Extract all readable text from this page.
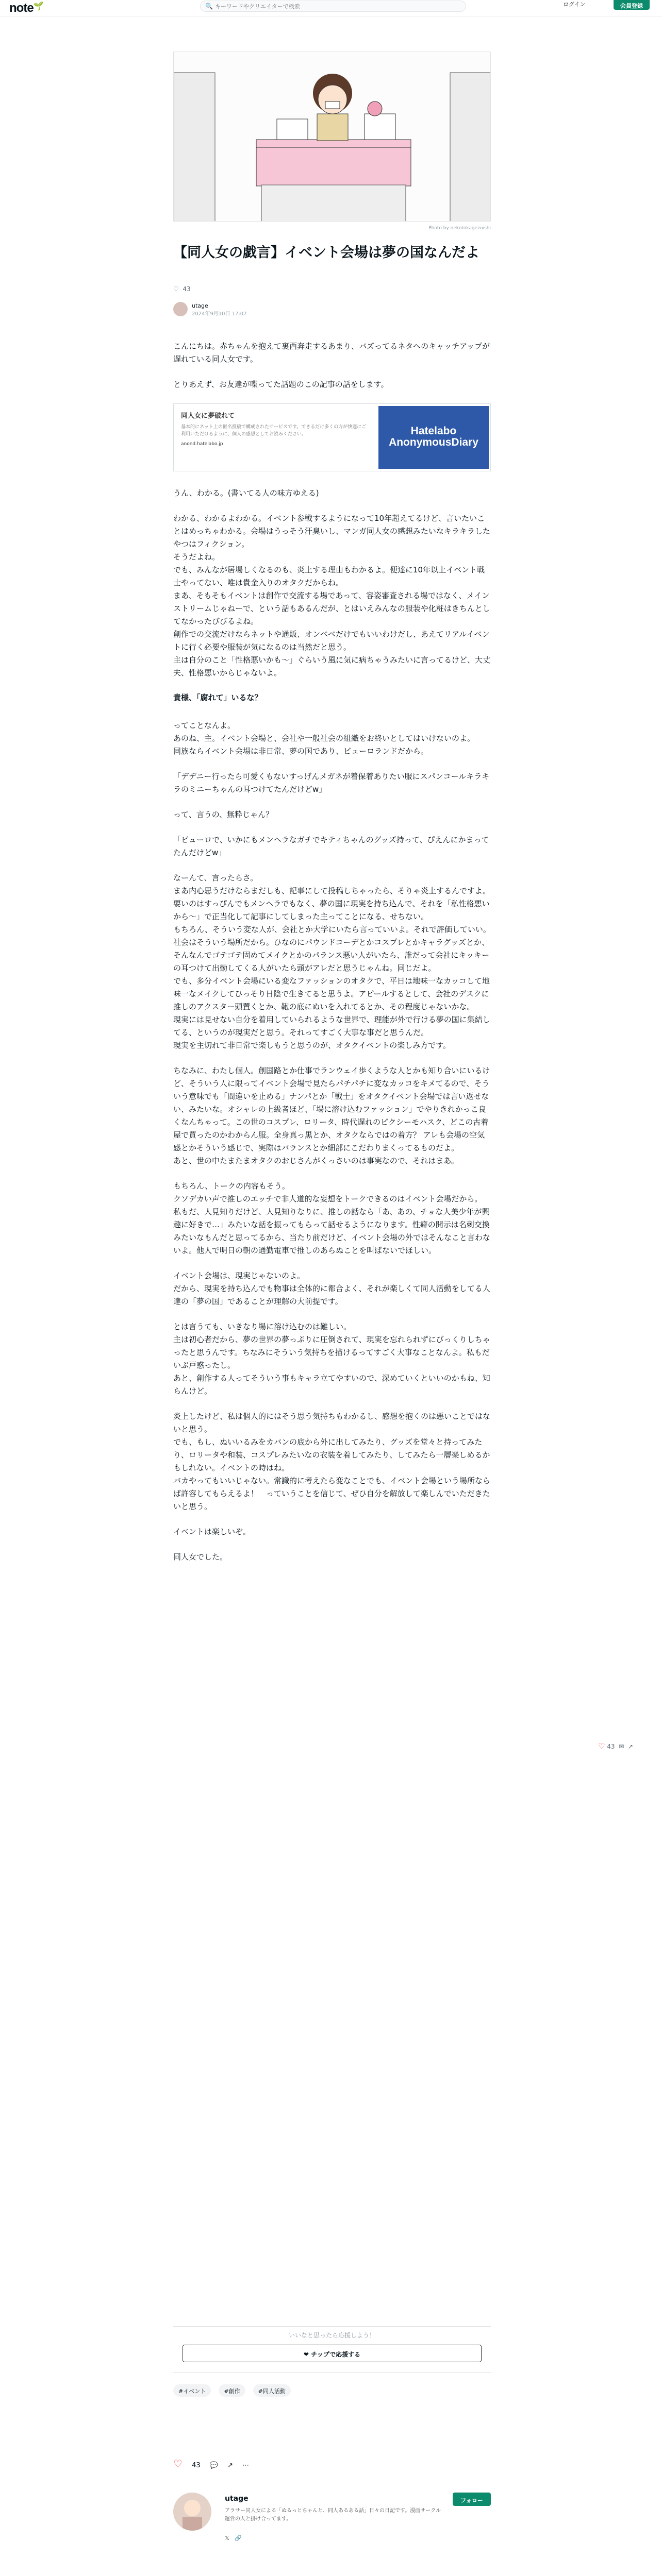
note🌱	🔍
キーワードやクリエイターで検索	ログイン	会員登録
Photo by nekotokagezuishi
【同人女の戯言】イベント会場は夢の国なんだよ
♡ 43
utage
2024年9月10日 17:07

こんにちは。赤ちゃんを抱えて裏西奔走するあまり、バズってるネタへのキャッチアップが遅れている同人女です。

とりあえず、お友達が喋ってた話題のこの記事の話をします。

同人女に夢破れて
基本的にネット上の匿名投稿で構成されたサービスです。できるだけ多くの方が快適にご利用いただけるように、個人の感想としてお読みください。
anond.hatelabo.jp
Hatelabo AnonymousDiary

うん、わかる。(書いてる人の味方ゆえる)

わかる、わかるよわかる。イベント参戦するようになって10年超えてるけど、言いたいことはめっちゃわかる。会場はうっそう汗臭いし、マンガ同人女の感想みたいなキラキラしたやつはフィクション。
そうだよね。
でも、みんなが居場しくなるのも、炎上する理由もわかるよ。便達に10年以上イベント戦士やってない、唯は貴金入りのオタクだからね。
まあ、そもそもイベントは創作で交流する場であって、容姿審査される場ではなく、メインストリームじゃねーで、という話もあるんだが、とはいえみんなの服装や化粧はきちんとしてなかったびびるよね。
創作での交流だけならネットや通販、オンベベだけでもいいわけだし、あえてリアルイベントに行く必要や服装が気になるのは当然だと思う。
主は自分のこと「性格悪いかも～」ぐらいう風に気に病ちゃうみたいに言ってるけど、大丈夫、性格悪いからじゃないよ。

貴様、「腐れて」いるな？

ってことなんよ。
あのね、主。イベント会場と、会社や一般社会の組織をお終いとしてはいけないのよ。
同族ならイベント会場は非日常、夢の国であり、ピューロランドだから。

「デデニー行ったら可愛くもないすっげんメガネが着保着ありたい服にスパンコールキラキラのミニーちゃんの耳つけてたんだけどw」

って、言うの、無粋じゃん？

「ピューロで、いかにもメンヘラなガチでキティちゃんのグッズ持って、ぴえんにかまってたんだけどw」

なーんて、言ったらさ。
まあ内心思うだけならまだしも、記事にして投稿しちゃったら、そりゃ炎上するんですよ。
要いのはすっぴんでもメンヘラでもなく、夢の国に現実を持ち込んで、それを「私性格悪いから～」で正当化して記事にしてしまった主ってことになる、せちない。
もちろん、そういう変な人が、会社とか大学にいたら言っていいよ。それで評価していい。社会はそういう場所だから。ひなのにパウンドコーデとかコスプレとかキャラグッズとか、そんなんでゴテゴテ固めてメイクとかのパランス悪い人がいたら、誰だって会社にキッキーの耳つけて出勤してくる人がいたら頭がアレだと思うじゃんね。同じだよ。
でも、多分イベント会場にいる変なファッションのオタクで、平日は地味一なカッコして地味一なメイクしてひっそり日陰で生きてると思うよ。アピールするとして、会社のデスクに推しのアクスター頭置くとか、鞄の底にぬいを入れてるとか、その程度じゃないかな。
現実には見せない自分を着用していられるような世界で、理能が外で行ける夢の国に集結してる、というのが現実だと思う。それってすごく大事な事だと思うんだ。
現実を主切れて非日常で楽しもうと思うのが、オタクイベントの楽しみ方です。

ちなみに、わたし個人。創国路とか仕事でランウェイ歩くような人とかも知り合いにいるけど、そういう人に限ってイベント会場で見たらパチパチに変なカッコをキメてるので、そういう意味でも「間違いを止める」ナンパとか「戦士」をオタクイベント会場では言い返せない、みたいな。オシャレの上級者ほど、「場に溶け込むファッション」でやりきれかっこ良くなんちゃって。この世のコスプレ、ロリータ、時代遅れのピクシーモハスク、どこの古着屋で買ったのかわからん服。全身真っ黒とか、オタクならではの着方？ アレも会場の空気感とかそういう感じで、実際はバランスとか細部にこだわりまくってるものだよ。
あと、世の中たまたまオタクのおじさんがくっさいのは事実なので、それはまあ。

もちろん、トークの内容もそう。
クソデカい声で推しのエッチで非人道的な妄想をトークできるのはイベント会場だから。
私もだ、人見知りだけど、人見知りなりに、推しの話なら「あ、あの、チョな人美少年が興趣に好きで…」みたいな話を振ってもらって話せるようになります。性癖の開示は名刺交換みたいなもんだと思ってるから、当たり前だけど、イベント会場の外ではそんなこと言わないよ。他人で明日の朝の通勤電車で推しのあらぬことを叫ばないでほしい。

イベント会場は、現実じゃないのよ。
だから、現実を持ち込んでも物事は全体的に都合よく、それが楽しくて同人活動をしてる人達の「夢の国」であることが理解の大前提です。

とは言うても、いきなり場に溶け込むのは難しい。
主は初心者だから、夢の世界の夢っぷりに圧倒されて、現実を忘れられずにびっくりしちゃったと思うんです。ちなみにそういう気持ちを描けるってすごく大事なことなんよ。私もだいぶ戸惑ったし。
あと、創作する人ってそういう事もキャラ立てやすいので、深めていくといいのかもね、知らんけど。

炎上したけど、私は個人的にはそう思う気持ちもわかるし、感想を抱くのは悪いことではないと思う。
でも、もし、ぬいいるみをカバンの底から外に出してみたり、グッズを堂々と持ってみたり、ロリータや和装、コスプレみたいなの衣装を着してみたり、してみたら一層楽しめるかもしれない。イベントの時はね。
バカやってもいいじゃない。常識的に考えたら変なことでも、イベント会場という場所ならば許容してもらえるよ！　っていうことを信じて、ぜひ自分を解放して楽しんでいただきたいと思う。

イベントは楽しいぞ。

同人女でした。

いいなと思ったら応援しよう！
❤ チップで応援する
#イベント	#創作	#同人活動
♡ 43 💬 ↗ ⋯
utage
アラサー同人女による「ぬるっとちゃんと、同人あるある話」日々の日記です。漫画サークル運営の人と掛け合ってます。
フォロー
𝕏 🔗

♡ 43 ✉ ↗
